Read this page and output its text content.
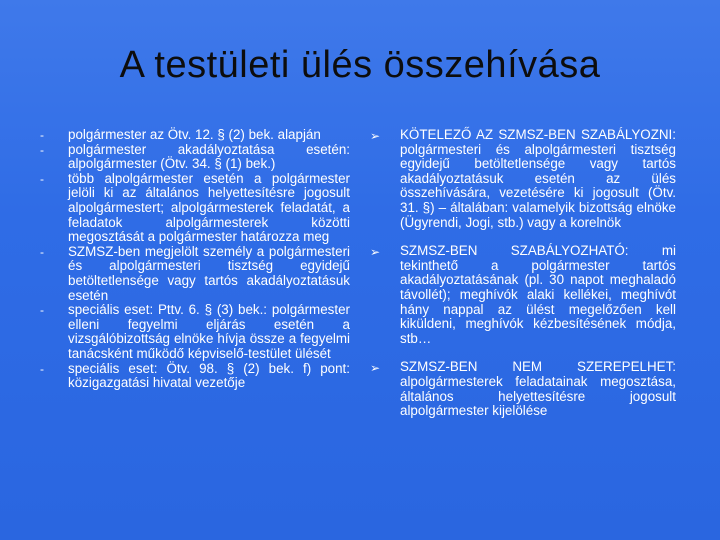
A testületi ülés összehívása
-	polgármester az Ötv. 12. § (2) bek. alapján
-	polgármester akadályoztatása esetén: alpolgármester (Ötv. 34. § (1) bek.)
-	több alpolgármester esetén a polgármester jelöli ki az általános helyettesítésre jogosult alpolgármestert; alpolgármesterek feladatát, a feladatok alpolgármesterek közötti megosztását a polgármester határozza meg
-	SZMSZ-ben megjelölt személy a polgármesteri és alpolgármesteri tisztség egyidejű betöltetlensége vagy tartós akadályoztatásuk esetén
-	speciális eset: Pttv. 6. § (3) bek.: polgármester elleni fegyelmi eljárás esetén a vizsgálóbizottság elnöke hívja össze a fegyelmi tanácsként működő képviselő-testület ülését
-	speciális eset: Ötv. 98. § (2) bek. f) pont: közigazgatási hivatal vezetője
➢	KÖTELEZŐ AZ SZMSZ-BEN SZABÁLYOZNI: polgármesteri és alpolgármesteri tisztség egyidejű betöltetlensége vagy tartós akadályoztatásuk esetén az ülés összehívására, vezetésére ki jogosult (Ötv. 31. §) – általában: valamelyik bizottság elnöke (Ügyrendi, Jogi, stb.) vagy a korelnök
➢	SZMSZ-BEN SZABÁLYOZHATÓ: mi tekinthető a polgármester tartós akadályoztatásának (pl. 30 napot meghaladó távollét); meghívók alaki kellékei, meghívót hány nappal az ülést megelőzően kell kiküldeni, meghívók kézbesítésének módja, stb…
➢	SZMSZ-BEN NEM SZEREPELHET: alpolgármesterek feladatainak megosztása, általános helyettesítésre jogosult alpolgármester kijelölése
